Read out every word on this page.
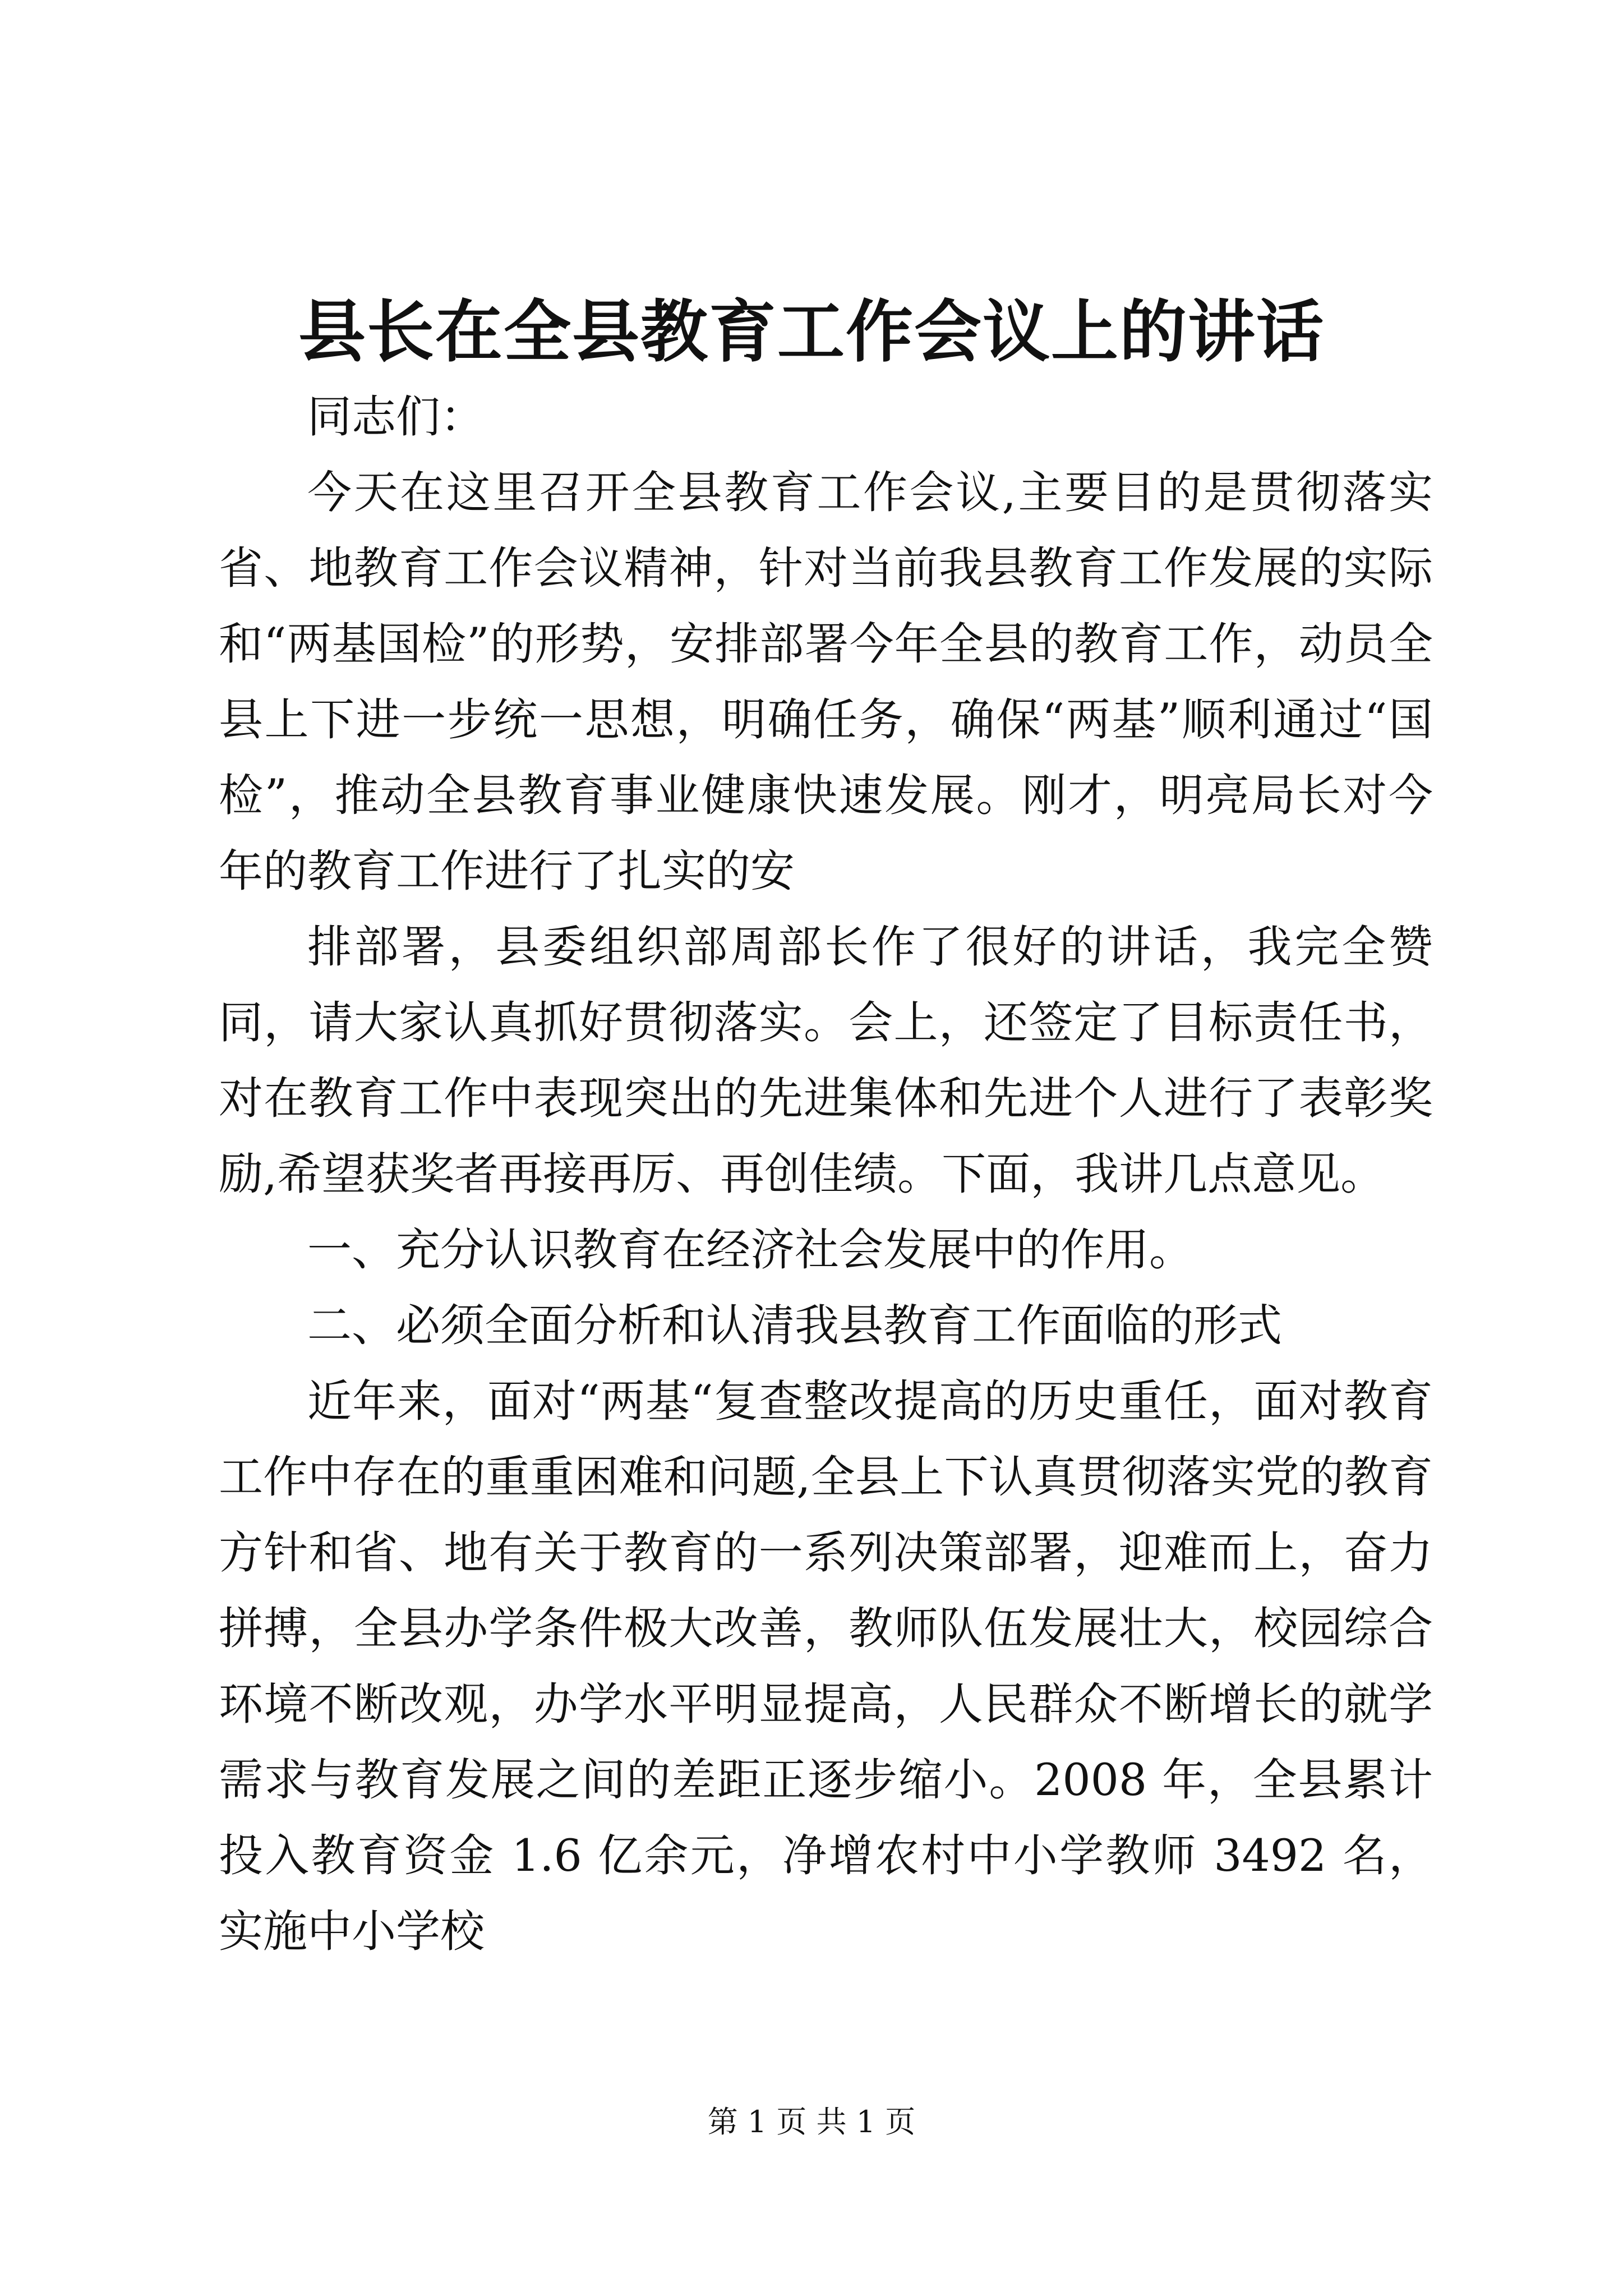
县长在全县教育工作会议上的讲话

同志们：

今天在这里召开全县教育工作会议,主要目的是贯彻落实省、地教育工作会议精神，针对当前我县教育工作发展的实际和“两基国检”的形势，安排部署今年全县的教育工作，动员全县上下进一步统一思想，明确任务，确保“两基”顺利通过“国检”，推动全县教育事业健康快速发展。刚才，明亮局长对今年的教育工作进行了扎实的安

排部署，县委组织部周部长作了很好的讲话，我完全赞同，请大家认真抓好贯彻落实。会上，还签定了目标责任书，对在教育工作中表现突出的先进集体和先进个人进行了表彰奖励,希望获奖者再接再厉、再创佳绩。下面，我讲几点意见。

一、充分认识教育在经济社会发展中的作用。

二、必须全面分析和认清我县教育工作面临的形式

近年来，面对“两基“复查整改提高的历史重任，面对教育工作中存在的重重困难和问题,全县上下认真贯彻落实党的教育方针和省、地有关于教育的一系列决策部署，迎难而上，奋力拼搏，全县办学条件极大改善，教师队伍发展壮大，校园综合环境不断改观，办学水平明显提高，人民群众不断增长的就学需求与教育发展之间的差距正逐步缩小。2008 年，全县累计投入教育资金 1.6 亿余元，净增农村中小学教师 3492 名，实施中小学校

第 1 页 共 1 页
